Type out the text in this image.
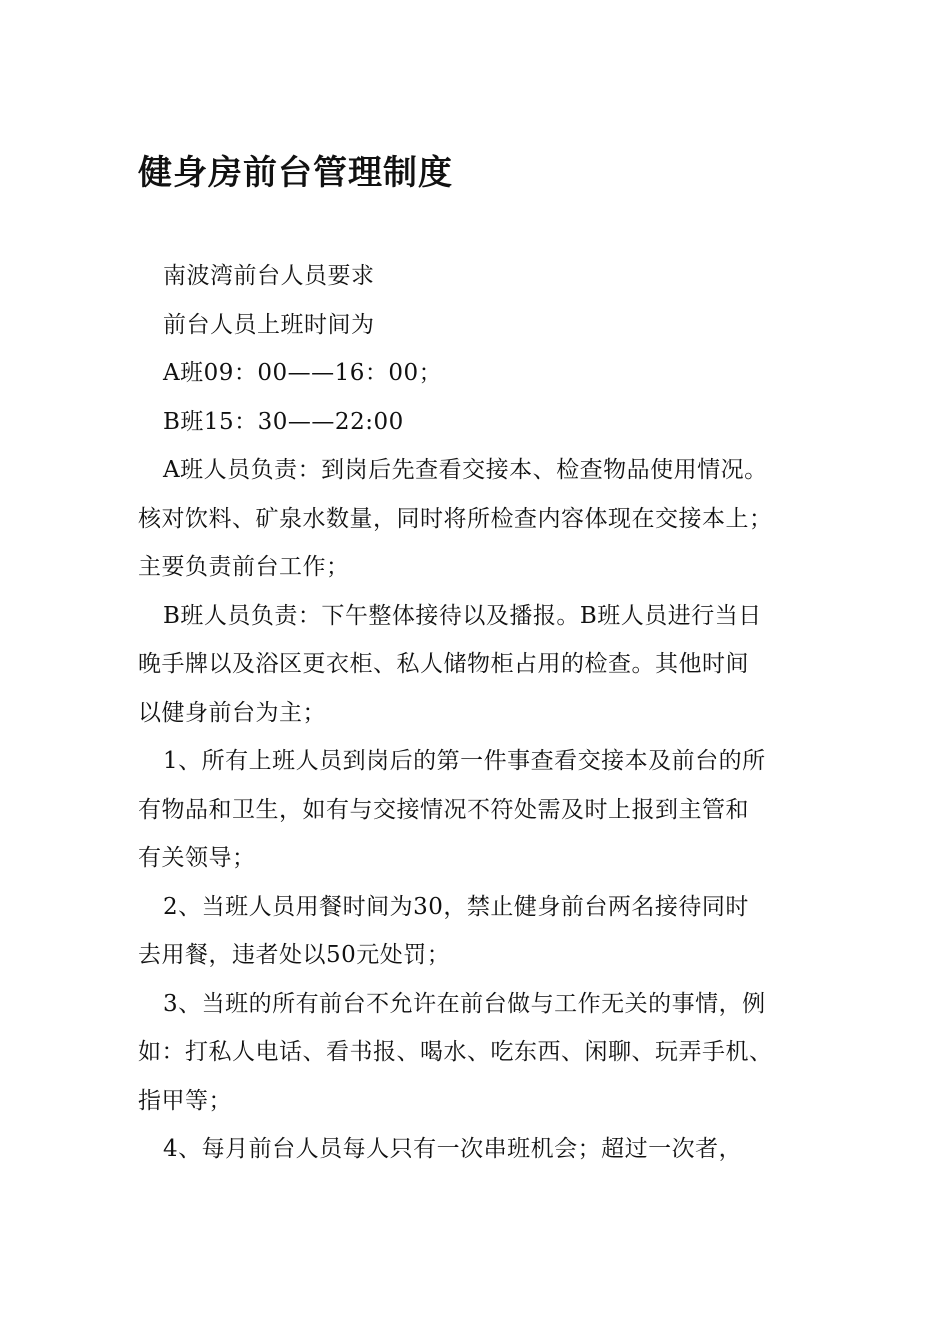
健身房前台管理制度

南波湾前台人员要求

前台人员上班时间为

A班09：00——16：00；

B班15：30——22:00

A班人员负责：到岗后先查看交接本、检查物品使用情况。
核对饮料、矿泉水数量，同时将所检查内容体现在交接本上；
主要负责前台工作；

B班人员负责：下午整体接待以及播报。B班人员进行当日
晚手牌以及浴区更衣柜、私人储物柜占用的检查。其他时间
以健身前台为主；

1、所有上班人员到岗后的第一件事查看交接本及前台的所
有物品和卫生，如有与交接情况不符处需及时上报到主管和
有关领导；

2、当班人员用餐时间为30，禁止健身前台两名接待同时
去用餐，违者处以50元处罚；

3、当班的所有前台不允许在前台做与工作无关的事情，例
如：打私人电话、看书报、喝水、吃东西、闲聊、玩弄手机、
指甲等；

4、每月前台人员每人只有一次串班机会；超过一次者，
